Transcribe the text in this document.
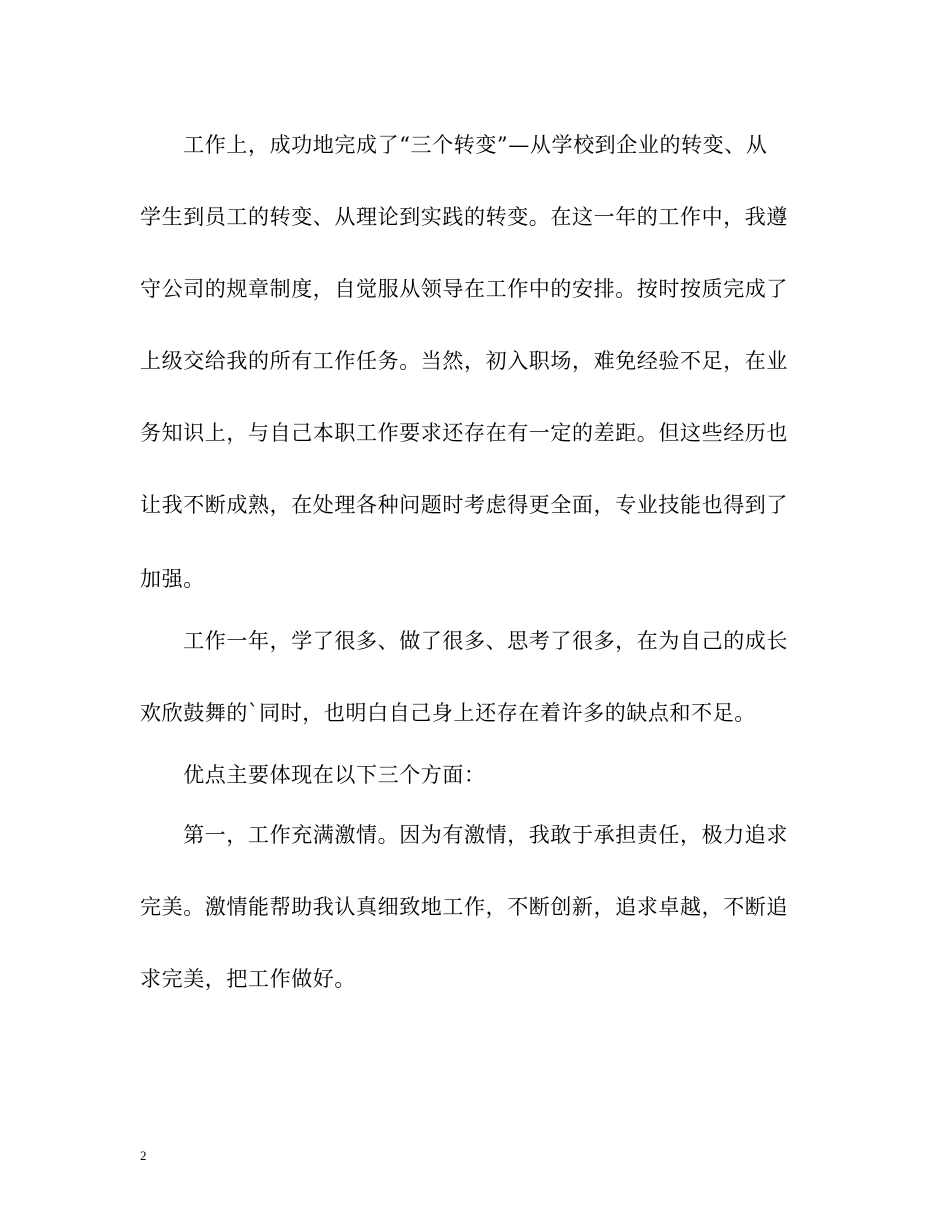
　　工作上，成功地完成了“三个转变”—从学校到企业的转变、从
学生到员工的转变、从理论到实践的转变。在这一年的工作中，我遵
守公司的规章制度，自觉服从领导在工作中的安排。按时按质完成了
上级交给我的所有工作任务。当然，初入职场，难免经验不足，在业
务知识上，与自己本职工作要求还存在有一定的差距。但这些经历也
让我不断成熟，在处理各种问题时考虑得更全面，专业技能也得到了
加强。
　　工作一年，学了很多、做了很多、思考了很多，在为自己的成长
欢欣鼓舞的`同时，也明白自己身上还存在着许多的缺点和不足。
　　优点主要体现在以下三个方面：
　　第一，工作充满激情。因为有激情，我敢于承担责任，极力追求
完美。激情能帮助我认真细致地工作，不断创新，追求卓越，不断追
求完美，把工作做好。
2
